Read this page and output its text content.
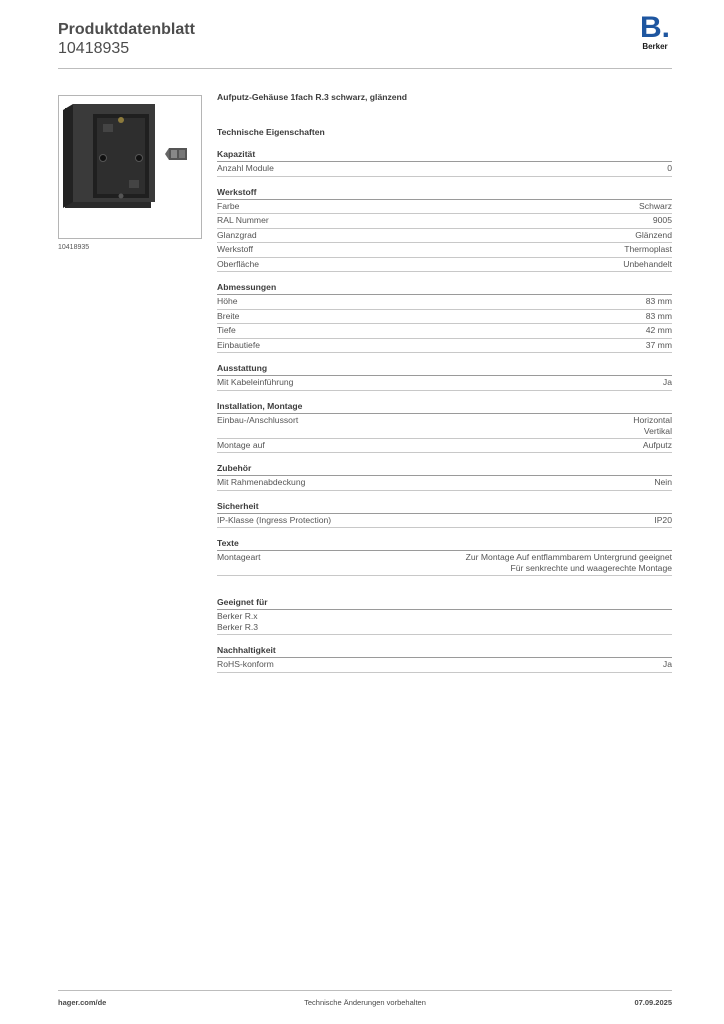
Produktdatenblatt
10418935
B.
Berker
10418935
Aufputz-Gehäuse 1fach R.3 schwarz, glänzend
Technische Eigenschaften
Kapazität
Anzahl Module	0
Werkstoff
Farbe	Schwarz
RAL Nummer	9005
Glanzgrad	Glänzend
Werkstoff	Thermoplast
Oberfläche	Unbehandelt
Abmessungen
Höhe	83 mm
Breite	83 mm
Tiefe	42 mm
Einbautiefe	37 mm
Ausstattung
Mit Kabeleinführung	Ja
Installation, Montage
Einbau-/Anschlussort	Horizontal
Vertikal
Montage auf	Aufputz
Zubehör
Mit Rahmenabdeckung	Nein
Sicherheit
IP-Klasse (Ingress Protection)	IP20
Texte
Montageart	Zur Montage Auf entflammbarem Untergrund geeignet
Für senkrechte und waagerechte Montage
Geeignet für
Berker R.x
Berker R.3
Nachhaltigkeit
RoHS-konform	Ja
hager.com/de	Technische Änderungen vorbehalten	07.09.2025
